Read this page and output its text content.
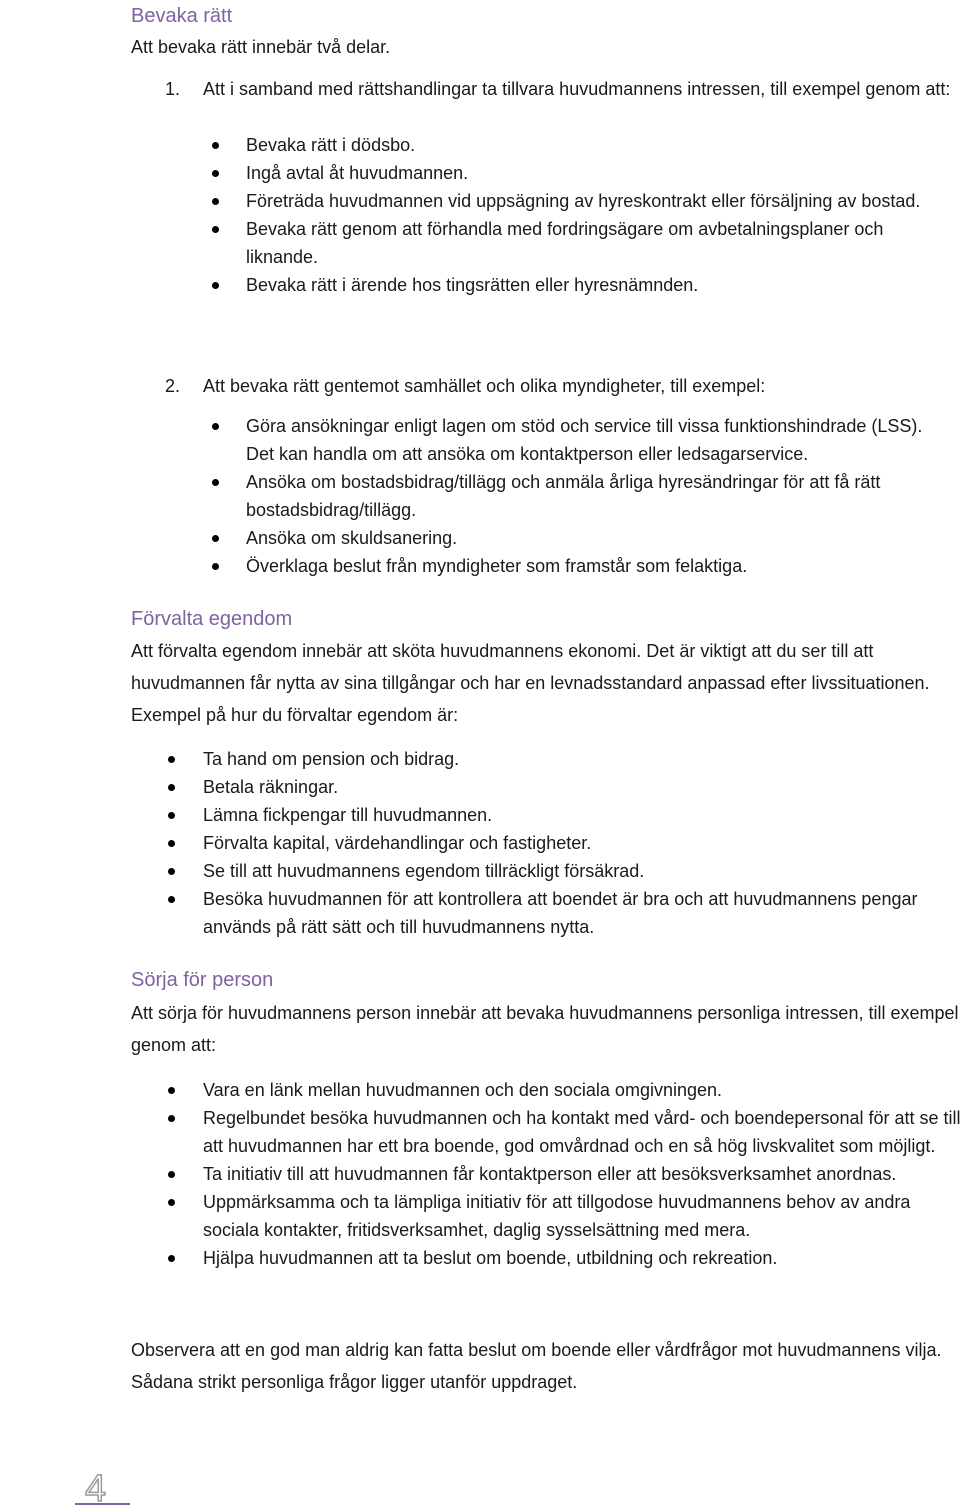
Bevaka rätt

Att bevaka rätt innebär två delar.

1. Att i samband med rättshandlingar ta tillvara huvudmannens intressen, till exempel genom att:
Bevaka rätt i dödsbo.
Ingå avtal åt huvudmannen.
Företräda huvudmannen vid uppsägning av hyreskontrakt eller försäljning av bostad.
Bevaka rätt genom att förhandla med fordringsägare om avbetalningsplaner och liknande.
Bevaka rätt i ärende hos tingsrätten eller hyresnämnden.
2. Att bevaka rätt gentemot samhället och olika myndigheter, till exempel:
Göra ansökningar enligt lagen om stöd och service till vissa funktionshindrade (LSS). Det kan handla om att ansöka om kontaktperson eller ledsagarservice.
Ansöka om bostadsbidrag/tillägg och anmäla årliga hyresändringar för att få rätt bostadsbidrag/tillägg.
Ansöka om skuldsanering.
Överklaga beslut från myndigheter som framstår som felaktiga.
Förvalta egendom

Att förvalta egendom innebär att sköta huvudmannens ekonomi. Det är viktigt att du ser till att huvudmannen får nytta av sina tillgångar och har en levnadsstandard anpassad efter livssituationen. Exempel på hur du förvaltar egendom är:

Ta hand om pension och bidrag.
Betala räkningar.
Lämna fickpengar till huvudmannen.
Förvalta kapital, värdehandlingar och fastigheter.
Se till att huvudmannens egendom tillräckligt försäkrad.
Besöka huvudmannen för att kontrollera att boendet är bra och att huvudmannens pengar används på rätt sätt och till huvudmannens nytta.
Sörja för person

Att sörja för huvudmannens person innebär att bevaka huvudmannens personliga intressen, till exempel genom att:

Vara en länk mellan huvudmannen och den sociala omgivningen.
Regelbundet besöka huvudmannen och ha kontakt med vård- och boendepersonal för att se till att huvudmannen har ett bra boende, god omvårdnad och en så hög livskvalitet som möjligt.
Ta initiativ till att huvudmannen får kontaktperson eller att besöksverksamhet anordnas.
Uppmärksamma och ta lämpliga initiativ för att tillgodose huvudmannens behov av andra sociala kontakter, fritidsverksamhet, daglig sysselsättning med mera.
Hjälpa huvudmannen att ta beslut om boende, utbildning och rekreation.

Observera att en god man aldrig kan fatta beslut om boende eller vårdfrågor mot huvudmannens vilja. Sådana strikt personliga frågor ligger utanför uppdraget.

4
